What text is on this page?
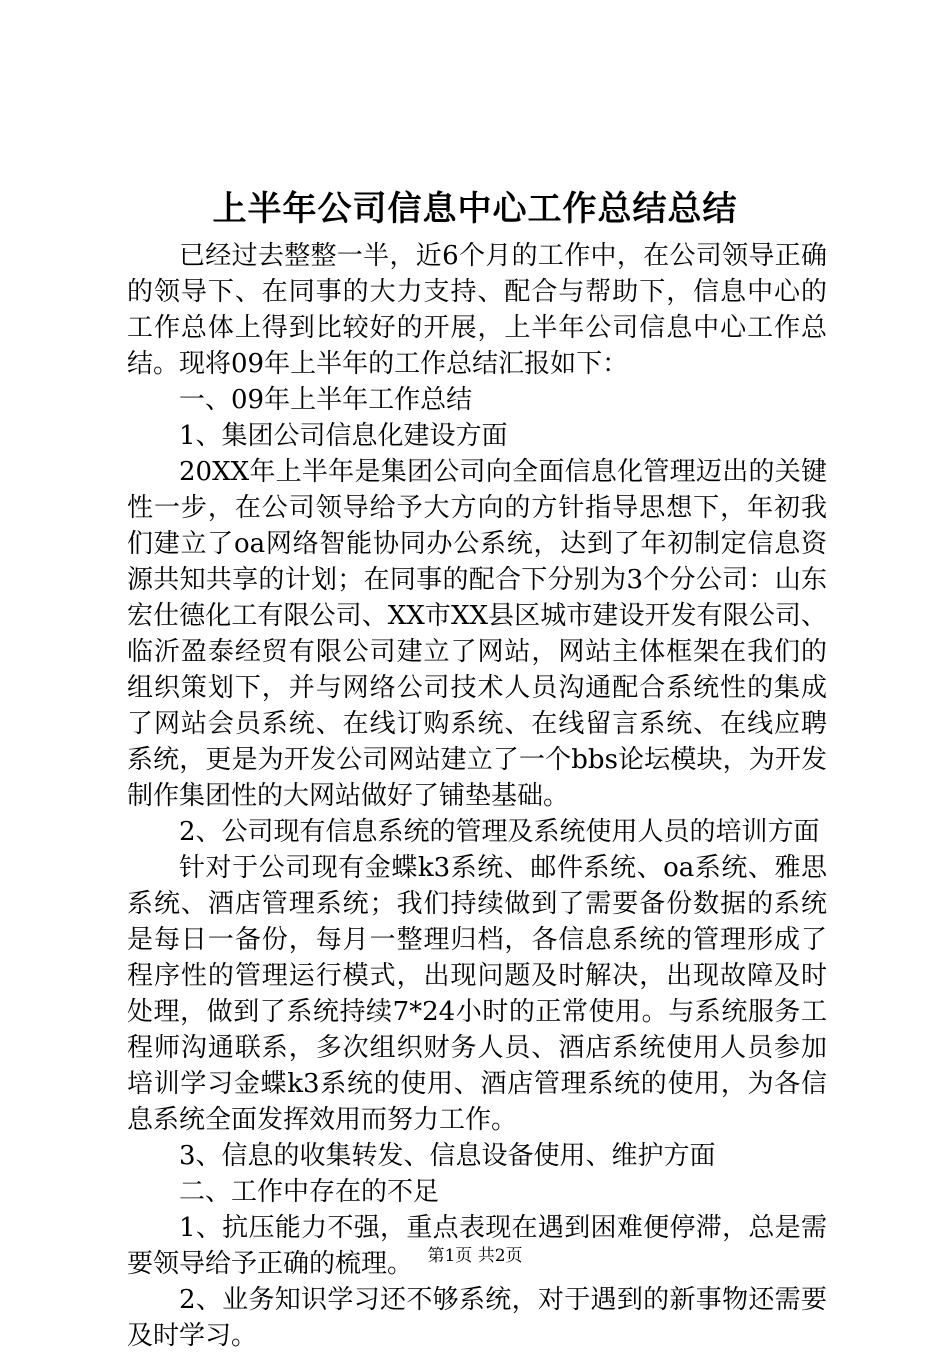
上半年公司信息中心工作总结总结

已经过去整整一半，近6个月的工作中，在公司领导正确的领导下、在同事的大力支持、配合与帮助下，信息中心的工作总体上得到比较好的开展，上半年公司信息中心工作总结。现将09年上半年的工作总结汇报如下：

一、09年上半年工作总结

1、集团公司信息化建设方面

20XX年上半年是集团公司向全面信息化管理迈出的关键性一步，在公司领导给予大方向的方针指导思想下，年初我们建立了oa网络智能协同办公系统，达到了年初制定信息资源共知共享的计划；在同事的配合下分别为3个分公司：山东宏仕德化工有限公司、XX市XX县区城市建设开发有限公司、临沂盈泰经贸有限公司建立了网站，网站主体框架在我们的组织策划下，并与网络公司技术人员沟通配合系统性的集成了网站会员系统、在线订购系统、在线留言系统、在线应聘系统，更是为开发公司网站建立了一个bbs论坛模块，为开发制作集团性的大网站做好了铺垫基础。

2、公司现有信息系统的管理及系统使用人员的培训方面

针对于公司现有金蝶k3系统、邮件系统、oa系统、雅思系统、酒店管理系统；我们持续做到了需要备份数据的系统是每日一备份，每月一整理归档，各信息系统的管理形成了程序性的管理运行模式，出现问题及时解决，出现故障及时处理，做到了系统持续7*24小时的正常使用。与系统服务工程师沟通联系，多次组织财务人员、酒店系统使用人员参加培训学习金蝶k3系统的使用、酒店管理系统的使用，为各信息系统全面发挥效用而努力工作。

3、信息的收集转发、信息设备使用、维护方面

二、工作中存在的不足

1、抗压能力不强，重点表现在遇到困难便停滞，总是需要领导给予正确的梳理。

2、业务知识学习还不够系统，对于遇到的新事物还需要及时学习。

第1页 共2页
